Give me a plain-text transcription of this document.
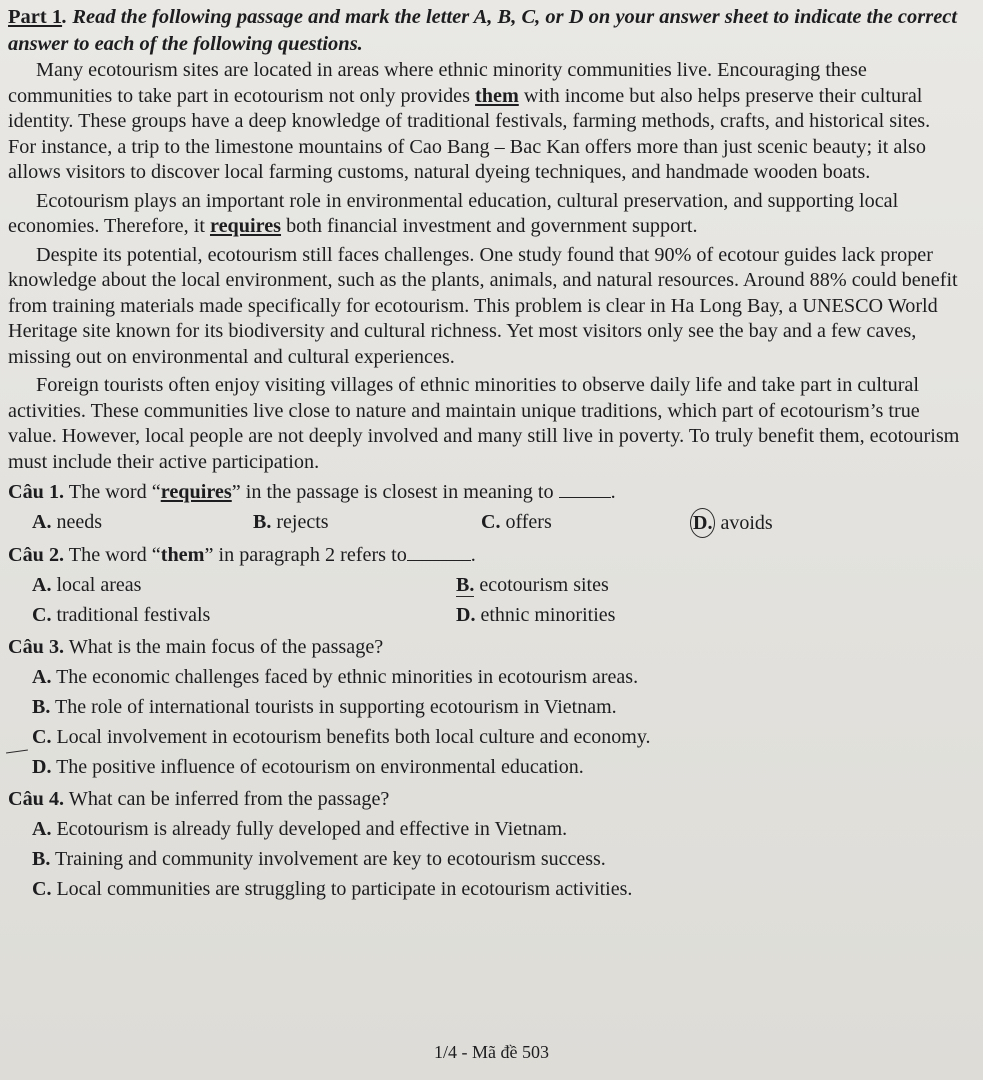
Part 1. Read the following passage and mark the letter A, B, C, or D on your answer sheet to indicate the correct answer to each of the following questions.

Many ecotourism sites are located in areas where ethnic minority communities live. Encouraging these communities to take part in ecotourism not only provides them with income but also helps preserve their cultural identity. These groups have a deep knowledge of traditional festivals, farming methods, crafts, and historical sites. For instance, a trip to the limestone mountains of Cao Bang – Bac Kan offers more than just scenic beauty; it also allows visitors to discover local farming customs, natural dyeing techniques, and handmade wooden boats.

Ecotourism plays an important role in environmental education, cultural preservation, and supporting local economies. Therefore, it requires both financial investment and government support.

Despite its potential, ecotourism still faces challenges. One study found that 90% of ecotour guides lack proper knowledge about the local environment, such as the plants, animals, and natural resources. Around 88% could benefit from training materials made specifically for ecotourism. This problem is clear in Ha Long Bay, a UNESCO World Heritage site known for its biodiversity and cultural richness. Yet most visitors only see the bay and a few caves, missing out on environmental and cultural experiences.

Foreign tourists often enjoy visiting villages of ethnic minorities to observe daily life and take part in cultural activities. These communities live close to nature and maintain unique traditions, which part of ecotourism’s true value. However, local people are not deeply involved and many still live in poverty. To truly benefit them, ecotourism must include their active participation.

Câu 1. The word “requires” in the passage is closest in meaning to	.

A. needs	B. rejects	C. offers	D. avoids

Câu 2. The word “them” in paragraph 2 refers to	.

A. local areas	B. ecotourism sites
C. traditional festivals	D. ethnic minorities

Câu 3. What is the main focus of the passage?

A. The economic challenges faced by ethnic minorities in ecotourism areas.
B. The role of international tourists in supporting ecotourism in Vietnam.
C. Local involvement in ecotourism benefits both local culture and economy.
D. The positive influence of ecotourism on environmental education.

Câu 4. What can be inferred from the passage?

A. Ecotourism is already fully developed and effective in Vietnam.
B. Training and community involvement are key to ecotourism success.
C. Local communities are struggling to participate in ecotourism activities.
1/4 - Mã đề 503
